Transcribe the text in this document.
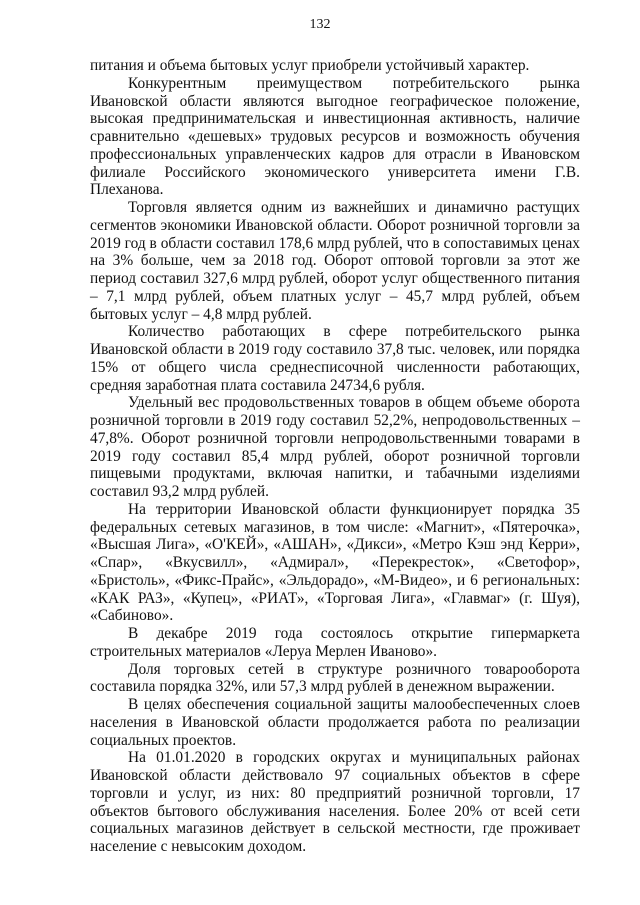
132

питания и объема бытовых услуг приобрели устойчивый характер.

Конкурентным преимуществом потребительского рынка Ивановской области являются выгодное географическое положение, высокая предпринимательская и инвестиционная активность, наличие сравнительно «дешевых» трудовых ресурсов и возможность обучения профессиональных управленческих кадров для отрасли в Ивановском филиале Российского экономического университета имени Г.В. Плеханова.

Торговля является одним из важнейших и динамично растущих сегментов экономики Ивановской области. Оборот розничной торговли за 2019 год в области составил 178,6 млрд рублей, что в сопоставимых ценах на 3% больше, чем за 2018 год. Оборот оптовой торговли за этот же период составил 327,6 млрд рублей, оборот услуг общественного питания – 7,1 млрд рублей, объем платных услуг – 45,7 млрд рублей, объем бытовых услуг – 4,8 млрд рублей.

Количество работающих в сфере потребительского рынка Ивановской области в 2019 году составило 37,8 тыс. человек, или порядка 15% от общего числа среднесписочной численности работающих, средняя заработная плата составила 24734,6 рубля.

Удельный вес продовольственных товаров в общем объеме оборота розничной торговли в 2019 году составил 52,2%, непродовольственных – 47,8%. Оборот розничной торговли непродовольственными товарами в 2019 году составил 85,4 млрд рублей, оборот розничной торговли пищевыми продуктами, включая напитки, и табачными изделиями составил 93,2 млрд рублей.

На территории Ивановской области функционирует порядка 35 федеральных сетевых магазинов, в том числе: «Магнит», «Пятерочка», «Высшая Лига», «О'КЕЙ», «АШАН», «Дикси», «Метро Кэш энд Керри», «Спар», «Вкусвилл», «Адмирал», «Перекресток», «Светофор», «Бристоль», «Фикс-Прайс», «Эльдорадо», «М-Видео», и 6 региональных: «КАК РАЗ», «Купец», «РИАТ», «Торговая Лига», «Главмаг» (г. Шуя), «Сабиново».

В декабре 2019 года состоялось открытие гипермаркета строительных материалов «Леруа Мерлен Иваново».

Доля торговых сетей в структуре розничного товарооборота составила порядка 32%, или 57,3 млрд рублей в денежном выражении.

В целях обеспечения социальной защиты малообеспеченных слоев населения в Ивановской области продолжается работа по реализации социальных проектов.

На 01.01.2020 в городских округах и муниципальных районах Ивановской области действовало 97 социальных объектов в сфере торговли и услуг, из них: 80 предприятий розничной торговли, 17 объектов бытового обслуживания населения. Более 20% от всей сети социальных магазинов действует в сельской местности, где проживает население с невысоким доходом.
